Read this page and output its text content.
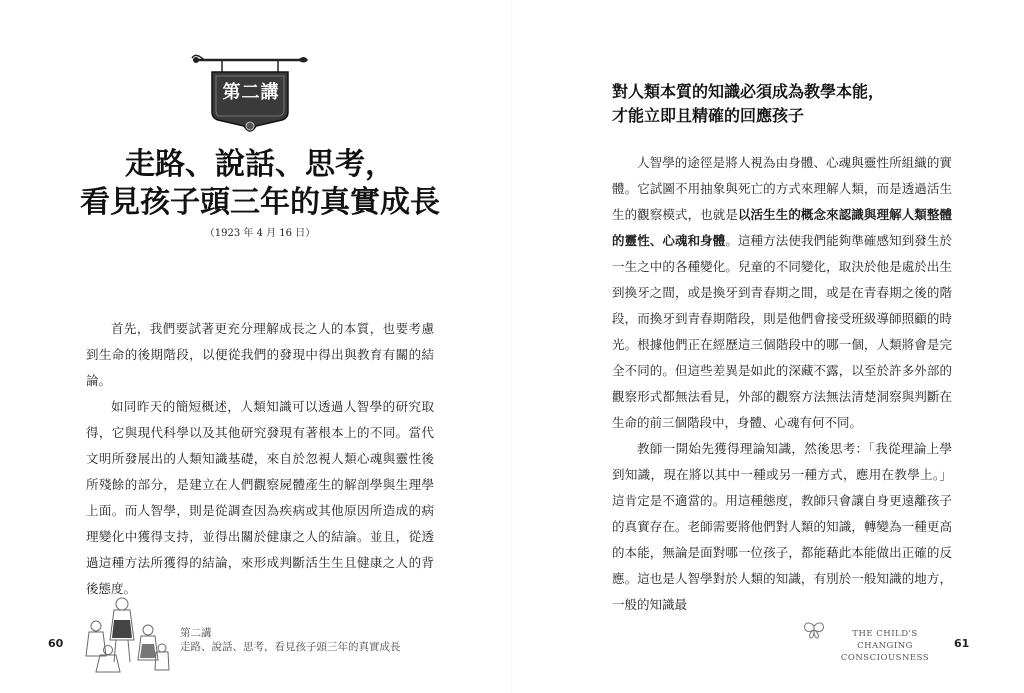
第二講
走路、說話、思考，
看見孩子頭三年的真實成長
（1923 年 4 月 16 日）

首先，我們要試著更充分理解成長之人的本質，也要考慮到生命的後期階段，以便從我們的發現中得出與教育有關的結論。

如同昨天的簡短概述，人類知識可以透過人智學的研究取得，它與現代科學以及其他研究發現有著根本上的不同。當代文明所發展出的人類知識基礎，來自於忽視人類心魂與靈性後所殘餘的部分，是建立在人們觀察屍體產生的解剖學與生理學上面。而人智學，則是從調查因為疾病或其他原因所造成的病理變化中獲得支持，並得出關於健康之人的結論。並且，從透過這種方法所獲得的結論，來形成判斷活生生且健康之人的背後態度。

60
第二講
走路、說話、思考，看見孩子頭三年的真實成長
對人類本質的知識必須成為教學本能，
才能立即且精確的回應孩子

人智學的途徑是將人視為由身體、心魂與靈性所組織的實體。它試圖不用抽象與死亡的方式來理解人類，而是透過活生生的觀察模式，也就是以活生生的概念來認識與理解人類整體的靈性、心魂和身體。這種方法使我們能夠準確感知到發生於一生之中的各種變化。兒童的不同變化，取決於他是處於出生到換牙之間，或是換牙到青春期之間，或是在青春期之後的階段，而換牙到青春期階段，則是他們會接受班級導師照顧的時光。根據他們正在經歷這三個階段中的哪一個，人類將會是完全不同的。但這些差異是如此的深藏不露，以至於許多外部的觀察形式都無法看見，外部的觀察方法無法清楚洞察與判斷在生命的前三個階段中，身體、心魂有何不同。

教師一開始先獲得理論知識，然後思考：「我從理論上學到知識，現在將以其中一種或另一種方式，應用在教學上。」這肯定是不適當的。用這種態度，教師只會讓自身更遠離孩子的真實存在。老師需要將他們對人類的知識，轉變為一種更高的本能，無論是面對哪一位孩子，都能藉此本能做出正確的反應。這也是人智學對於人類的知識，有別於一般知識的地方，一般的知識最

THE CHILD'S CHANGING
CONSCIOUSNESS
61
